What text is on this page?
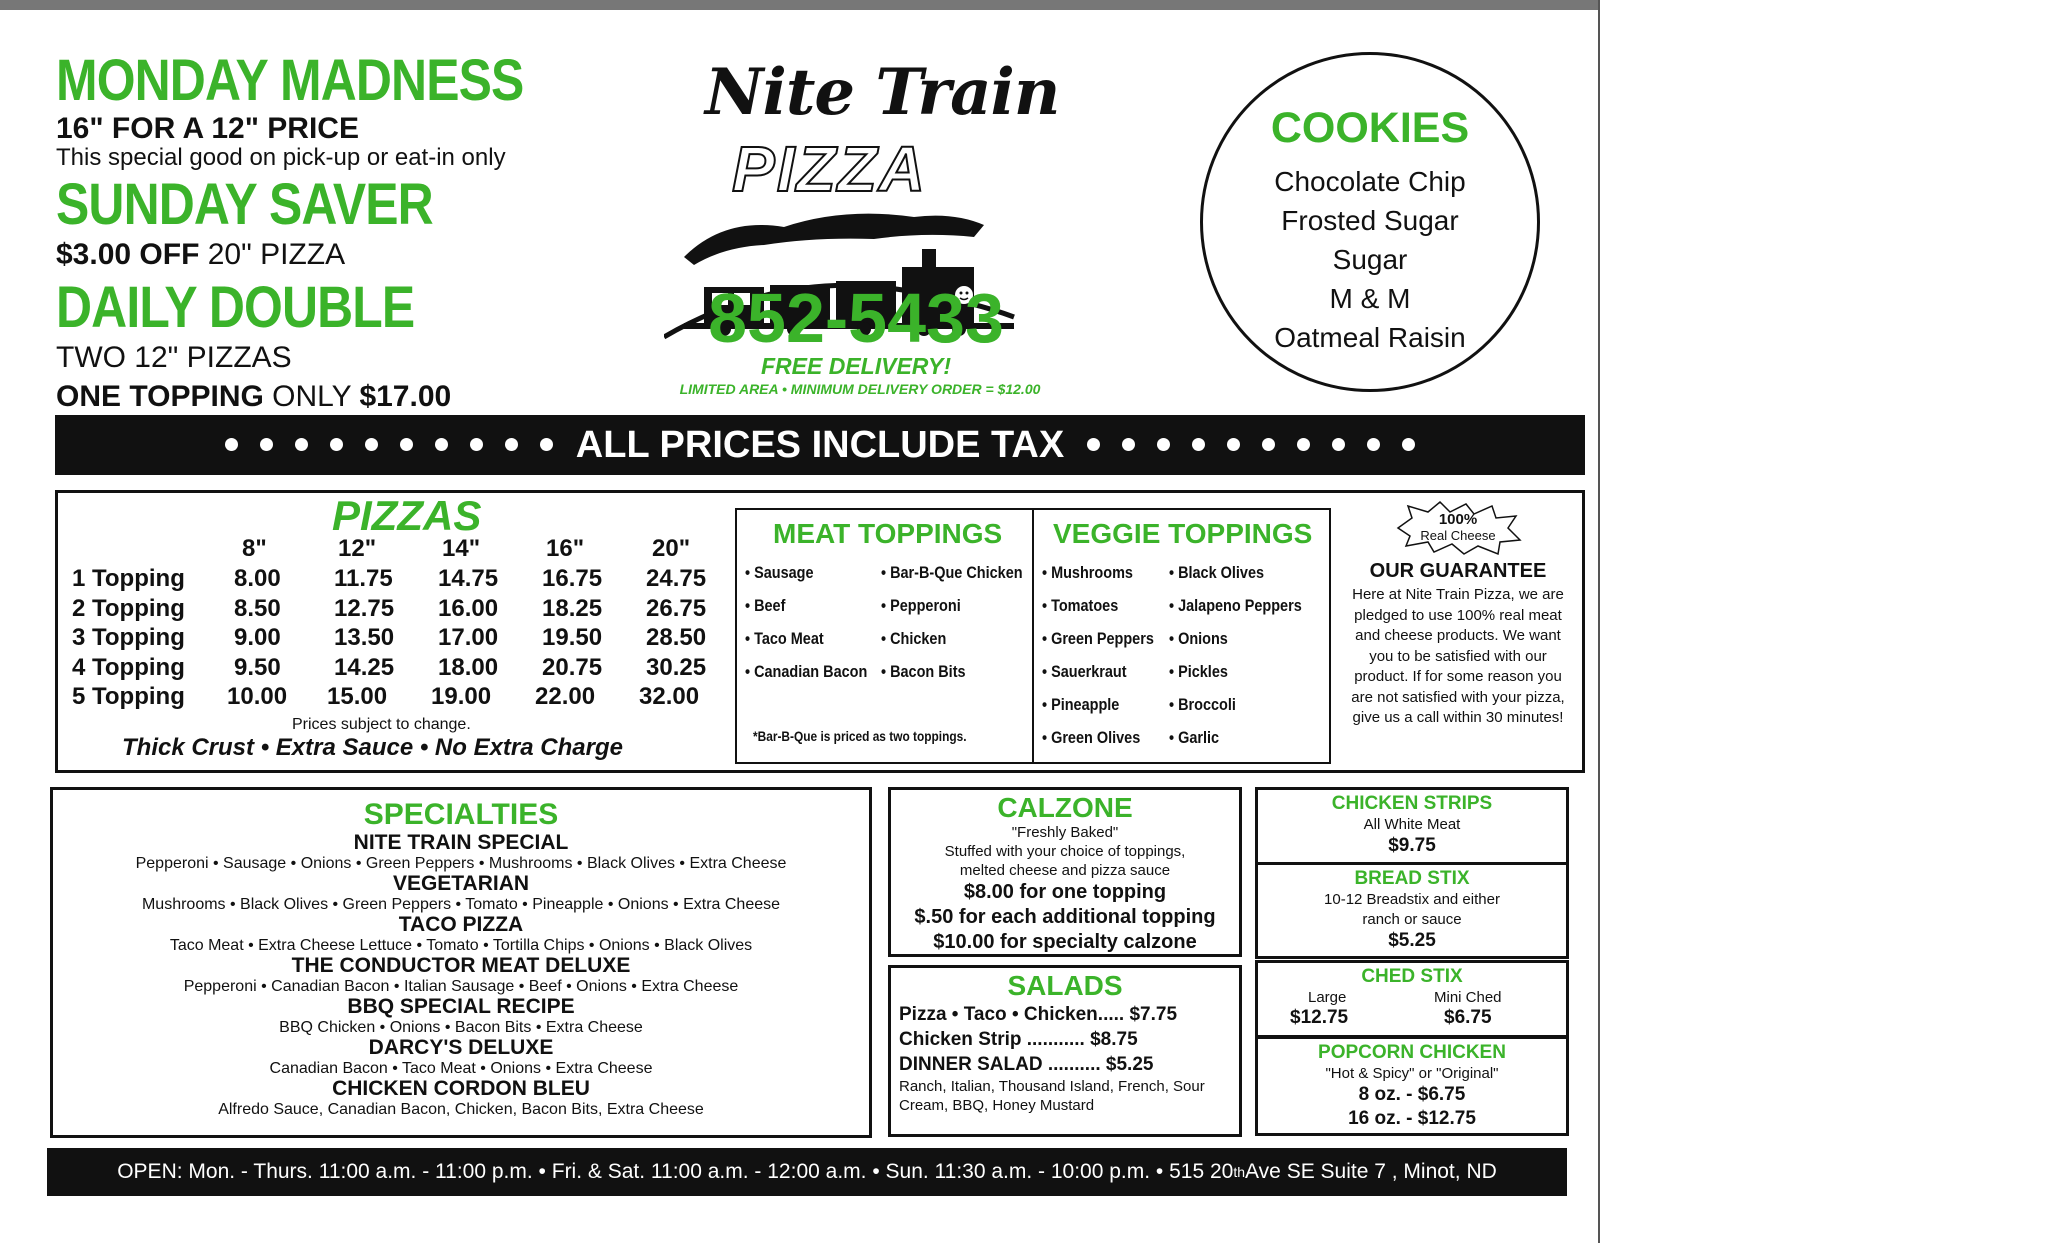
MONDAY MADNESS
16" FOR A 12" PRICE
This special good on pick-up or eat-in only
SUNDAY SAVER
$3.00 OFF 20" PIZZA
DAILY DOUBLE
TWO 12" PIZZAS
ONE TOPPING ONLY $17.00
Nite Train
PIZZA
852-5433
FREE DELIVERY!
LIMITED AREA • MINIMUM DELIVERY ORDER = $12.00
COOKIES
Chocolate Chip
Frosted Sugar
Sugar
M & M
Oatmeal Raisin
ALL PRICES INCLUDE TAX
PIZZAS
8"	12"	14"	16"	20"
1 Topping 8.00 11.75 14.75 16.75 24.75
2 Topping 8.50 12.75 16.00 18.25 26.75
3 Topping 9.00 13.50 17.00 19.50 28.50
4 Topping 9.50 14.25 18.00 20.75 30.25
5 Topping 10.00 15.00 19.00 22.00 32.00
Prices subject to change.
Thick Crust • Extra Sauce • No Extra Charge
MEAT TOPPINGS
• Sausage
• Beef
• Taco Meat
• Canadian Bacon
• Bar-B-Que Chicken
• Pepperoni
• Chicken
• Bacon Bits
*Bar-B-Que is priced as two toppings.
VEGGIE TOPPINGS
• Mushrooms
• Tomatoes
• Green Peppers
• Sauerkraut
• Pineapple
• Green Olives
• Black Olives
• Jalapeno Peppers
• Onions
• Pickles
• Broccoli
• Garlic
100%
Real Cheese
OUR GUARANTEE
Here at Nite Train Pizza, we are pledged to use 100% real meat and cheese products. We want you to be satisfied with our product. If for some reason you are not satisfied with your pizza, give us a call within 30 minutes!
SPECIALTIES
NITE TRAIN SPECIAL
Pepperoni • Sausage • Onions • Green Peppers • Mushrooms • Black Olives • Extra Cheese
VEGETARIAN
Mushrooms • Black Olives • Green Peppers • Tomato • Pineapple • Onions • Extra Cheese
TACO PIZZA
Taco Meat • Extra Cheese Lettuce • Tomato • Tortilla Chips • Onions • Black Olives
THE CONDUCTOR MEAT DELUXE
Pepperoni • Canadian Bacon • Italian Sausage • Beef • Onions • Extra Cheese
BBQ SPECIAL RECIPE
BBQ Chicken • Onions • Bacon Bits • Extra Cheese
DARCY'S DELUXE
Canadian Bacon • Taco Meat • Onions • Extra Cheese
CHICKEN CORDON BLEU
Alfredo Sauce, Canadian Bacon, Chicken, Bacon Bits, Extra Cheese
CALZONE
"Freshly Baked"
Stuffed with your choice of toppings,
melted cheese and pizza sauce
$8.00 for one topping
$.50 for each additional topping
$10.00 for specialty calzone
SALADS
Pizza • Taco • Chicken..... $7.75
Chicken Strip ........... $8.75
DINNER SALAD .......... $5.25
Ranch, Italian, Thousand Island, French, Sour Cream, BBQ, Honey Mustard
CHICKEN STRIPS
All White Meat
$9.75
BREAD STIX
10-12 Breadstix and either ranch or sauce
$5.25
CHED STIX
Large
$12.75
Mini Ched
$6.75
POPCORN CHICKEN
"Hot & Spicy" or "Original"
8 oz. - $6.75
16 oz. - $12.75
OPEN: Mon. - Thurs. 11:00 a.m. - 11:00 p.m. • Fri. & Sat. 11:00 a.m. - 12:00 a.m. • Sun. 11:30 a.m. - 10:00 p.m. • 515 20 th Ave SE Suite 7 , Minot, ND
